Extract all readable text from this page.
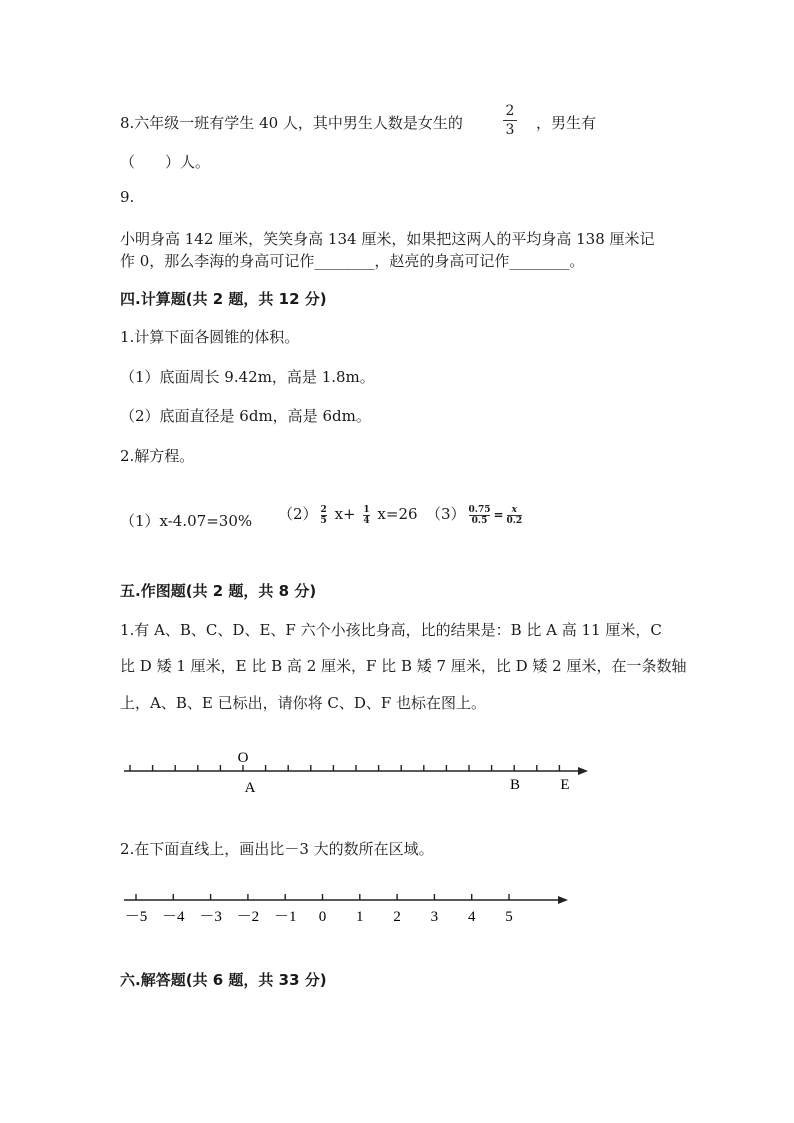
8.六年级一班有学生 40 人，其中男生人数是女生的
2
3 ，男生有
（　　）人。
9.
小明身高 142 厘米，笑笑身高 134 厘米，如果把这两人的平均身高 138 厘米记
作 0，那么李海的身高可记作________，赵亮的身高可记作________。
四.计算题(共 2 题，共 12 分)
1.计算下面各圆锥的体积。
（1）底面周长 9.42m，高是 1.8m。
（2）底面直径是 6dm，高是 6dm。
2.解方程。
（1）x-4.07=30% $(2) \frac{2}{5} x+ \frac{1}{4} x=26$ $(3) \frac{0.75}{0.5} = \frac{x}{0.2}$
五.作图题(共 2 题，共 8 分)
1.有 A、B、C、D、E、F 六个小孩比身高，比的结果是：B 比 A 高 11 厘米，C
比 D 矮 1 厘米，E 比 B 高 2 厘米，F 比 B 矮 7 厘米，比 D 矮 2 厘米，在一条数轴
上，A、B、E 已标出，请你将 C、D、F 也标在图上。
O
A	B	E
2.在下面直线上，画出比－3 大的数所在区域。
－5 －4 －3 －2 －1 0 1 2 3 4 5
六.解答题(共 6 题，共 33 分)
